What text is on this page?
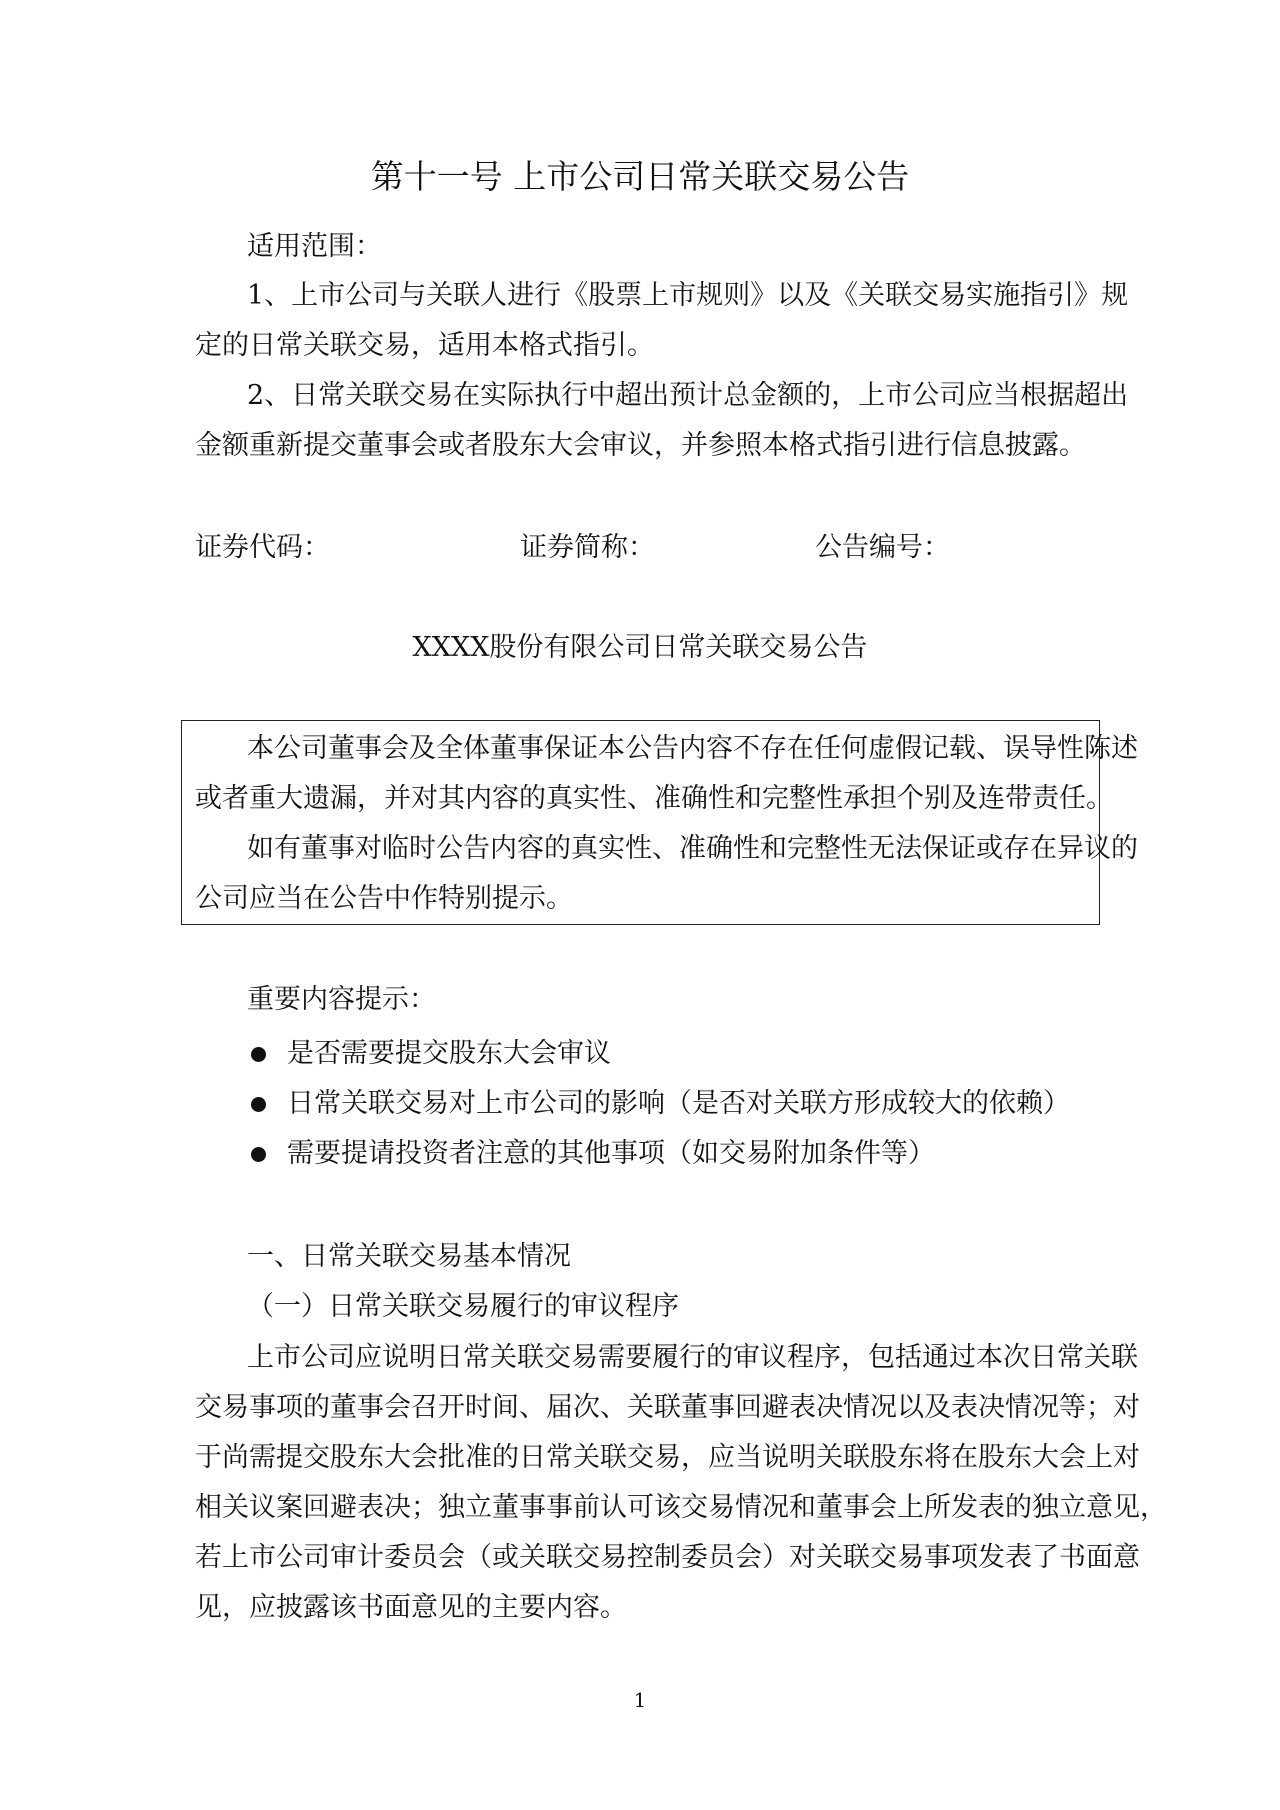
第十一号 上市公司日常关联交易公告
适用范围：
1、上市公司与关联人进行《股票上市规则》以及《关联交易实施指引》规
定的日常关联交易，适用本格式指引。
2、日常关联交易在实际执行中超出预计总金额的，上市公司应当根据超出
金额重新提交董事会或者股东大会审议，并参照本格式指引进行信息披露。
证券代码：	证券简称：	公告编号：
XXXX股份有限公司日常关联交易公告
本公司董事会及全体董事保证本公告内容不存在任何虚假记载、误导性陈述
或者重大遗漏，并对其内容的真实性、准确性和完整性承担个别及连带责任。
如有董事对临时公告内容的真实性、准确性和完整性无法保证或存在异议的
公司应当在公告中作特别提示。
重要内容提示：
是否需要提交股东大会审议
日常关联交易对上市公司的影响（是否对关联方形成较大的依赖）
需要提请投资者注意的其他事项（如交易附加条件等）
一、日常关联交易基本情况
（一）日常关联交易履行的审议程序
上市公司应说明日常关联交易需要履行的审议程序，包括通过本次日常关联
交易事项的董事会召开时间、届次、关联董事回避表决情况以及表决情况等；对
于尚需提交股东大会批准的日常关联交易，应当说明关联股东将在股东大会上对
相关议案回避表决；独立董事事前认可该交易情况和董事会上所发表的独立意见，
若上市公司审计委员会（或关联交易控制委员会）对关联交易事项发表了书面意
见，应披露该书面意见的主要内容。
1
